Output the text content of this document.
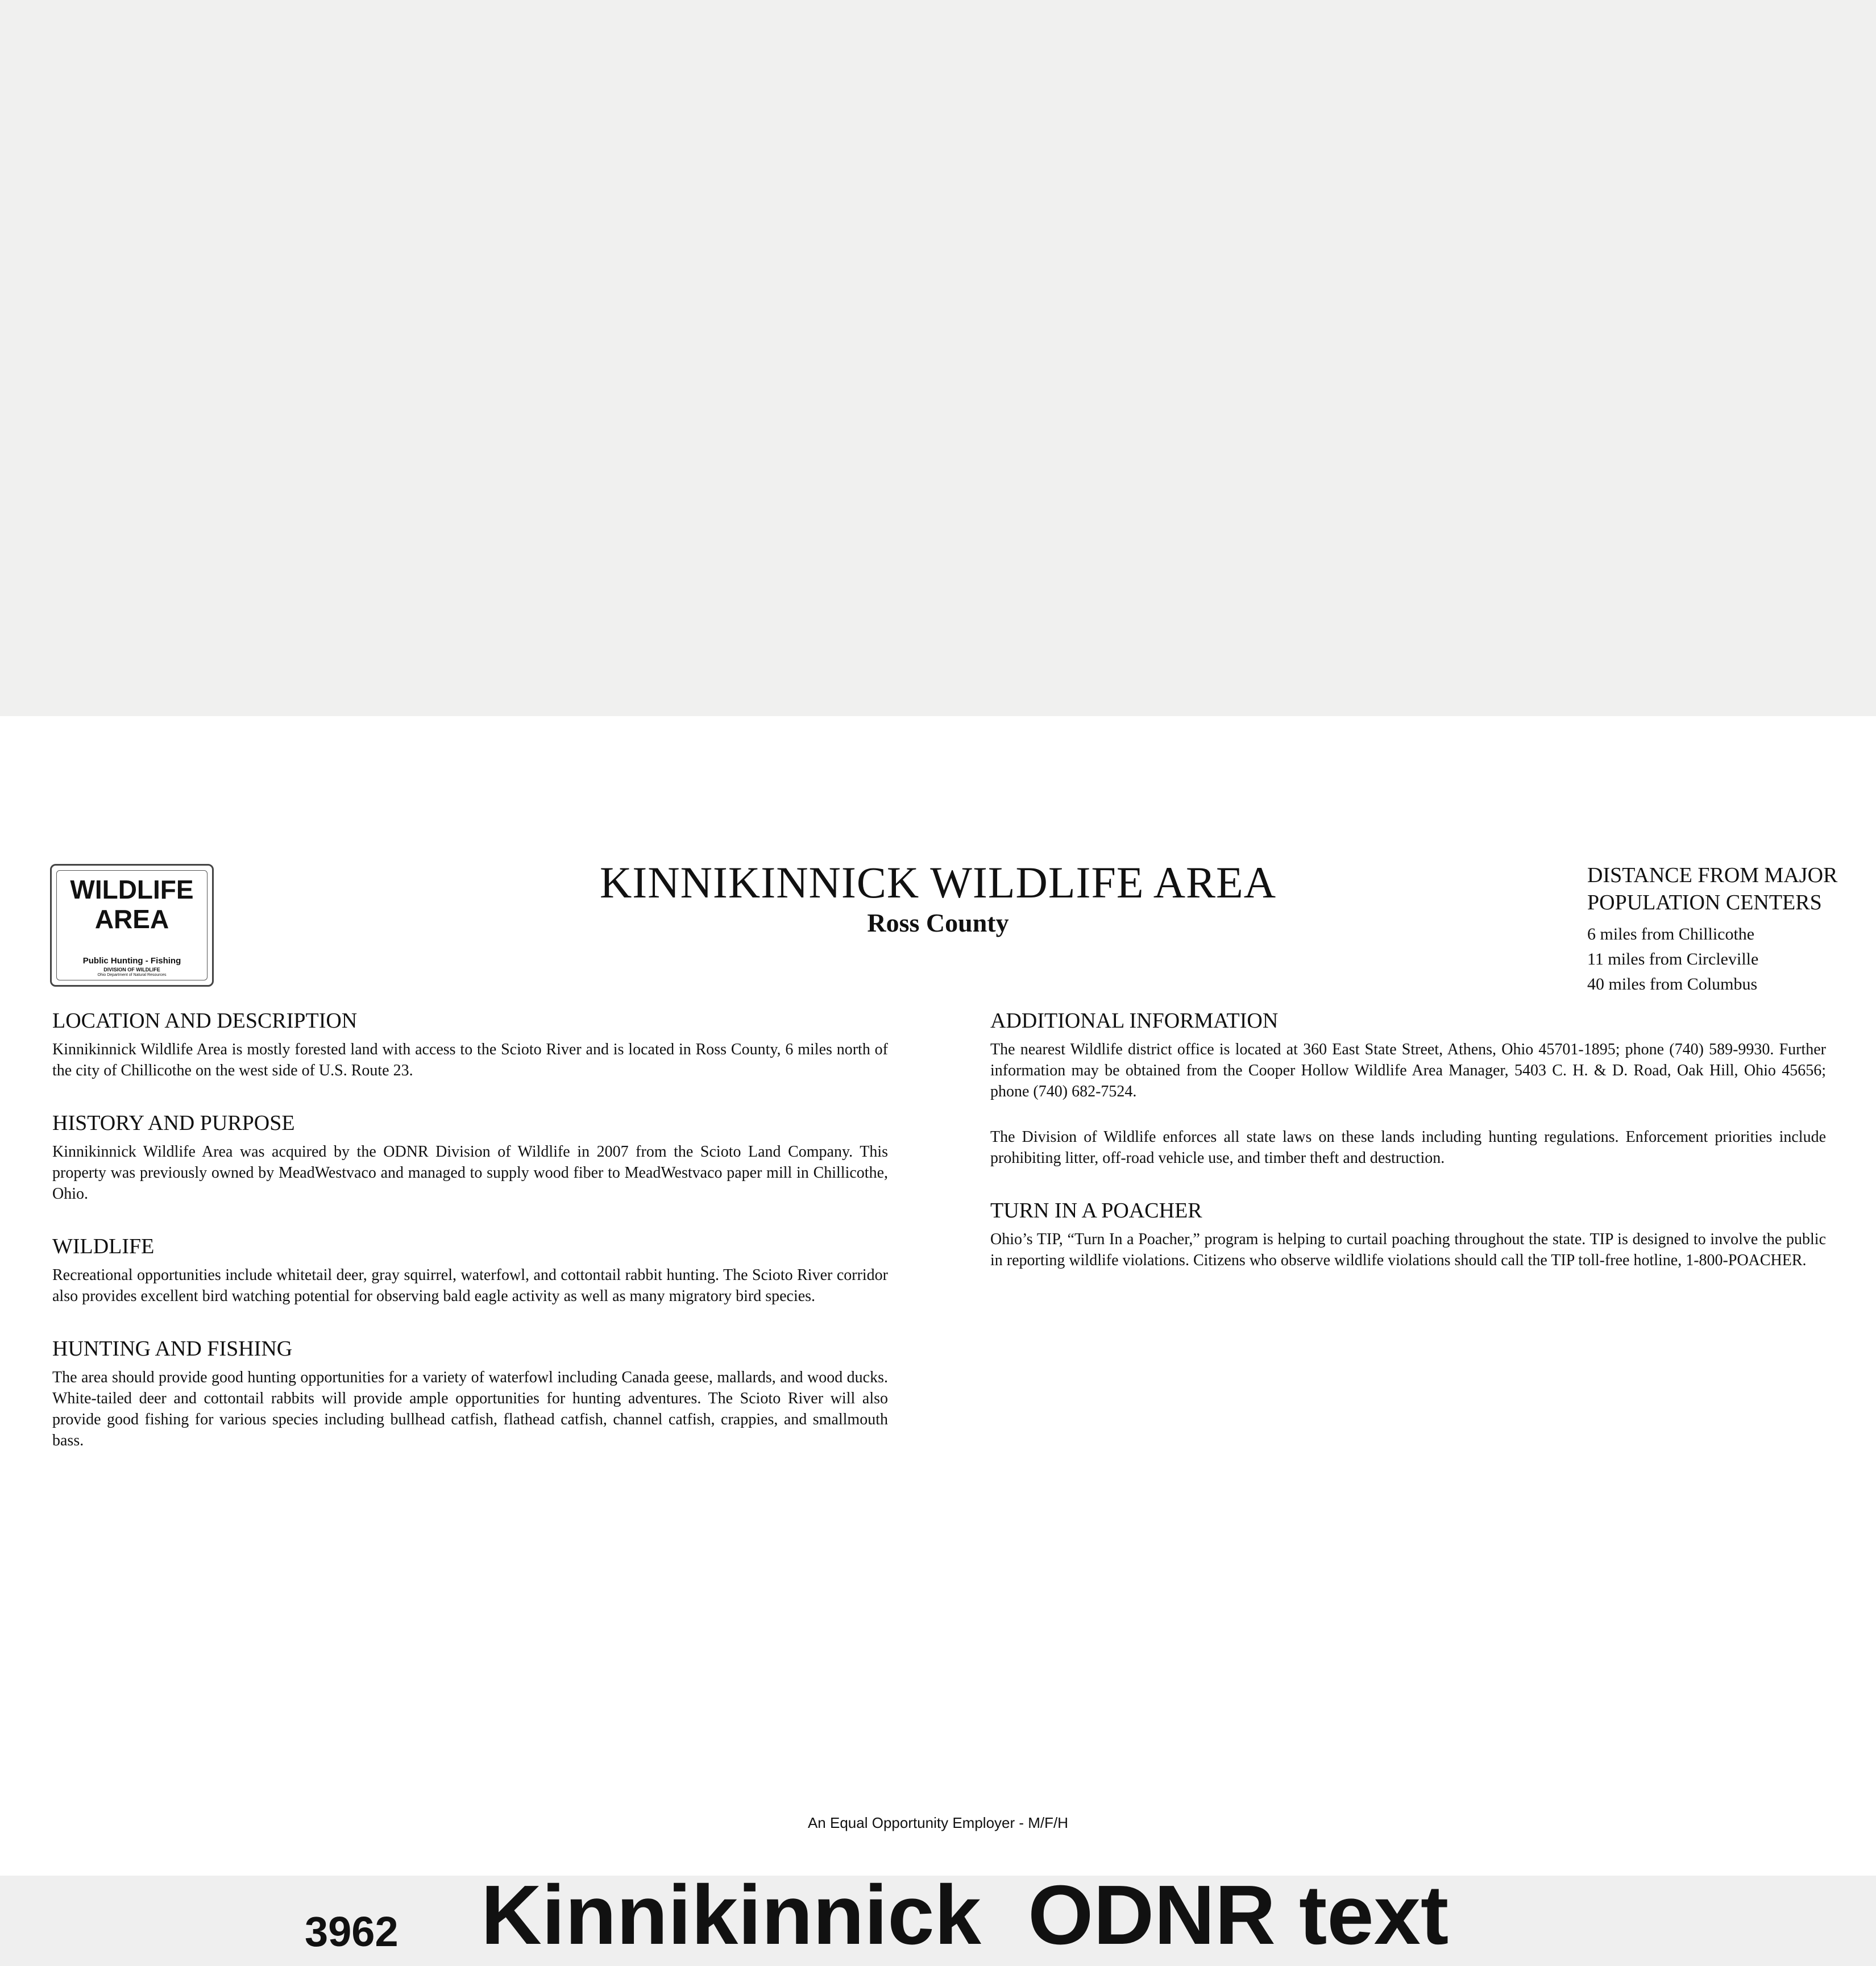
WILDLIFE AREA
Public Hunting - Fishing
DIVISION OF WILDLIFE
Ohio Department of Natural Resources
KINNIKINNICK WILDLIFE AREA
Ross County
DISTANCE FROM MAJOR
POPULATION CENTERS
6 miles from Chillicothe
11 miles from Circleville
40 miles from Columbus
LOCATION AND DESCRIPTION

Kinnikinnick Wildlife Area is mostly forested land with access to the Scioto River and is located in Ross County, 6 miles north of the city of Chillicothe on the west side of U.S. Route 23.

HISTORY AND PURPOSE

Kinnikinnick Wildlife Area was acquired by the ODNR Division of Wildlife in 2007 from the Scioto Land Company. This property was previously owned by MeadWestvaco and managed to supply wood fiber to MeadWestvaco paper mill in Chillicothe, Ohio.

WILDLIFE

Recreational opportunities include whitetail deer, gray squirrel, waterfowl, and cottontail rabbit hunting. The Scioto River corridor also provides excellent bird watching potential for observing bald eagle activity as well as many migratory bird species.

HUNTING AND FISHING

The area should provide good hunting opportunities for a variety of waterfowl including Canada geese, mallards, and wood ducks. White-tailed deer and cottontail rabbits will provide ample opportunities for hunting adventures. The Scioto River will also provide good fishing for various species including bullhead catfish, flathead catfish, channel catfish, crappies, and smallmouth bass.

ADDITIONAL INFORMATION

The nearest Wildlife district office is located at 360 East State Street, Athens, Ohio 45701-1895; phone (740) 589-9930. Further information may be obtained from the Cooper Hollow Wildlife Area Manager, 5403 C. H. & D. Road, Oak Hill, Ohio 45656; phone (740) 682-7524.

The Division of Wildlife enforces all state laws on these lands including hunting regulations. Enforcement priorities include prohibiting litter, off-road vehicle use, and timber theft and destruction.

TURN IN A POACHER

Ohio’s TIP, “Turn In a Poacher,” program is helping to curtail poaching throughout the state. TIP is designed to involve the public in reporting wildlife violations. Citizens who observe wildlife violations should call the TIP toll-free hotline, 1-800-POACHER.

An Equal Opportunity Employer - M/F/H
3962 Kinnikinnick  ODNR text
